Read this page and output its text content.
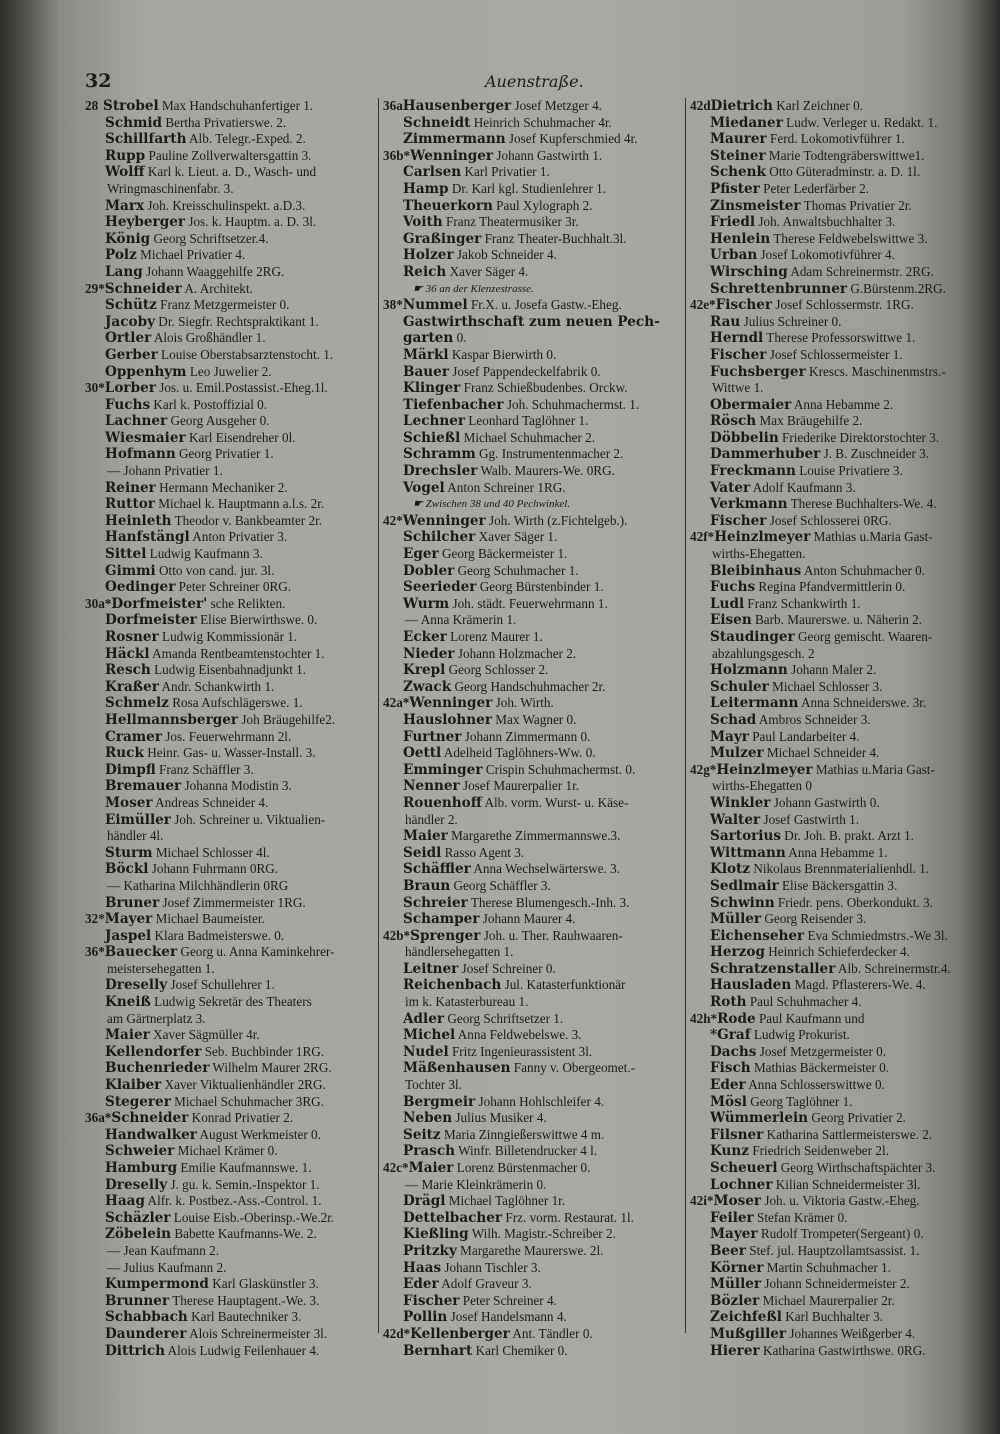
32	Auenstraße.
28 Strobel Max Handschuhanfertiger 1.
Schmid Bertha Privatierswe. 2.
Schillfarth Alb. Telegr.-Exped. 2.
Rupp Pauline Zollverwaltersgattin 3.
Wolff Karl k. Lieut. a. D., Wasch- und
Wringmaschinenfabr. 3.
Marx Joh. Kreisschulinspekt. a.D.3.
Heyberger Jos. k. Hauptm. a. D. 3l.
König Georg Schriftsetzer.4.
Polz Michael Privatier 4.
Lang Johann Waaggehilfe 2RG.
29*Schneider A. Architekt.
Schütz Franz Metzgermeister 0.
Jacoby Dr. Siegfr. Rechtspraktikant 1.
Ortler Alois Großhändler 1.
Gerber Louise Oberstabsarztenstocht. 1.
Oppenhym Leo Juwelier 2.
30*Lorber Jos. u. Emil.Postassist.-Eheg.1l.
Fuchs Karl k. Postoffizial 0.
Lachner Georg Ausgeher 0.
Wiesmaier Karl Eisendreher 0l.
Hofmann Georg Privatier 1.
— Johann Privatier 1.
Reiner Hermann Mechaniker 2.
Ruttor Michael k. Hauptmann a.l.s. 2r.
Heinleth Theodor v. Bankbeamter 2r.
Hanfstängl Anton Privatier 3.
Sittel Ludwig Kaufmann 3.
Gimmi Otto von cand. jur. 3l.
Oedinger Peter Schreiner 0RG.
30a*Dorfmeister' sche Relikten.
Dorfmeister Elise Bierwirthswe. 0.
Rosner Ludwig Kommissionär 1.
Häckl Amanda Rentbeamtenstochter 1.
Resch Ludwig Eisenbahnadjunkt 1.
Kraßer Andr. Schankwirth 1.
Schmelz Rosa Aufschlägerswe. 1.
Hellmannsberger Joh Bräugehilfe2.
Cramer Jos. Feuerwehrmann 2l.
Ruck Heinr. Gas- u. Wasser-Install. 3.
Dimpfl Franz Schäffler 3.
Bremauer Johanna Modistin 3.
Moser Andreas Schneider 4.
Eimüller Joh. Schreiner u. Viktualien-
händler 4l.
Sturm Michael Schlosser 4l.
Böckl Johann Fuhrmann 0RG.
— Katharina Milchhändlerin 0RG
Bruner Josef Zimmermeister 1RG.
32*Mayer Michael Baumeister.
Jaspel Klara Badmeisterswe. 0.
36*Bauecker Georg u. Anna Kaminkehrer-
meistersehegatten 1.
Dreselly Josef Schullehrer 1.
Kneiß Ludwig Sekretär des Theaters
am Gärtnerplatz 3.
Maier Xaver Sägmüller 4r.
Kellendorfer Seb. Buchbinder 1RG.
Buchenrieder Wilhelm Maurer 2RG.
Klaiber Xaver Viktualienhändler 2RG.
Stegerer Michael Schuhmacher 3RG.
36a*Schneider Konrad Privatier 2.
Handwalker August Werkmeister 0.
Schweier Michael Krämer 0.
Hamburg Emilie Kaufmannswe. 1.
Dreselly J. gu. k. Semin.-Inspektor 1.
Haag Alfr. k. Postbez.-Ass.-Control. 1.
Schäzler Louise Eisb.-Oberinsp.-We.2r.
Zöbelein Babette Kaufmanns-We. 2.
— Jean Kaufmann 2.
— Julius Kaufmann 2.
Kumpermond Karl Glaskünstler 3.
Brunner Therese Hauptagent.-We. 3.
Schabbach Karl Bautechniker 3.
Daunderer Alois Schreinermeister 3l.
Dittrich Alois Ludwig Feilenhauer 4.
36aHausenberger Josef Metzger 4.
Schneidt Heinrich Schuhmacher 4r.
Zimmermann Josef Kupferschmied 4r.
36b*Wenninger Johann Gastwirth 1.
Carlsen Karl Privatier 1.
Hamp Dr. Karl kgl. Studienlehrer 1.
Theuerkorn Paul Xylograph 2.
Voith Franz Theatermusiker 3r.
Graßinger Franz Theater-Buchhalt.3l.
Holzer Jakob Schneider 4.
Reich Xaver Säger 4.
☛ 36 an der Klenzestrasse.
38*Nummel Fr.X. u. Josefa Gastw.-Eheg.
Gastwirthschaft zum neuen Pech-
garten 0.
Märkl Kaspar Bierwirth 0.
Bauer Josef Pappendeckelfabrik 0.
Klinger Franz Schießbudenbes. Orckw.
Tiefenbacher Joh. Schuhmachermst. 1.
Lechner Leonhard Taglöhner 1.
Schießl Michael Schuhmacher 2.
Schramm Gg. Instrumentenmacher 2.
Drechsler Walb. Maurers-We. 0RG.
Vogel Anton Schreiner 1RG.
☛ Zwischen 38 und 40 Pechwinkel.
42*Wenninger Joh. Wirth (z.Fichtelgeb.).
Schilcher Xaver Säger 1.
Eger Georg Bäckermeister 1.
Dobler Georg Schuhmacher 1.
Seerieder Georg Bürstenbinder 1.
Wurm Joh. städt. Feuerwehrmann 1.
— Anna Krämerin 1.
Ecker Lorenz Maurer 1.
Nieder Johann Holzmacher 2.
Krepl Georg Schlosser 2.
Zwack Georg Handschuhmacher 2r.
42a*Wenninger Joh. Wirth.
Hauslohner Max Wagner 0.
Furtner Johann Zimmermann 0.
Oettl Adelheid Taglöhners-Ww. 0.
Emminger Crispin Schuhmachermst. 0.
Nenner Josef Maurerpalier 1r.
Rouenhoff Alb. vorm. Wurst- u. Käse-
händler 2.
Maier Margarethe Zimmermannswe.3.
Seidl Rasso Agent 3.
Schäffler Anna Wechselwärterswe. 3.
Braun Georg Schäffler 3.
Schreier Therese Blumengesch.-Inh. 3.
Schamper Johann Maurer 4.
42b*Sprenger Joh. u. Ther. Rauhwaaren-
händlersehegatten 1.
Leitner Josef Schreiner 0.
Reichenbach Jul. Katasterfunktionär
im k. Katasterbureau 1.
Adler Georg Schriftsetzer 1.
Michel Anna Feldwebelswe. 3.
Nudel Fritz Ingenieurassistent 3l.
Mäßenhausen Fanny v. Obergeomet.-
Tochter 3l.
Bergmeir Johann Hohlschleifer 4.
Neben Julius Musiker 4.
Seitz Maria Zinngießerswittwe 4 m.
Prasch Winfr. Billetendrucker 4 l.
42c*Maier Lorenz Bürstenmacher 0.
— Marie Kleinkrämerin 0.
Drägl Michael Taglöhner 1r.
Dettelbacher Frz. vorm. Restaurat. 1l.
Kießling Wilh. Magistr.-Schreiber 2.
Pritzky Margarethe Maurerswe. 2l.
Haas Johann Tischler 3.
Eder Adolf Graveur 3.
Fischer Peter Schreiner 4.
Pollin Josef Handelsmann 4.
42d*Kellenberger Ant. Tändler 0.
Bernhart Karl Chemiker 0.
42dDietrich Karl Zeichner 0.
Miedaner Ludw. Verleger u. Redakt. 1.
Maurer Ferd. Lokomotivführer 1.
Steiner Marie Todtengräberswittwe1.
Schenk Otto Güteradminstr. a. D. 1l.
Pfister Peter Lederfärber 2.
Zinsmeister Thomas Privatier 2r.
Friedl Joh. Anwaltsbuchhalter 3.
Henlein Therese Feldwebelswittwe 3.
Urban Josef Lokomotivführer 4.
Wirsching Adam Schreinermstr. 2RG.
Schrettenbrunner G.Bürstenm.2RG.
42e*Fischer Josef Schlossermstr. 1RG.
Rau Julius Schreiner 0.
Herndl Therese Professorswittwe 1.
Fischer Josef Schlossermeister 1.
Fuchsberger Krescs. Maschinenmstrs.-
Wittwe 1.
Obermaier Anna Hebamme 2.
Rösch Max Bräugehilfe 2.
Döbbelin Friederike Direktorstochter 3.
Dammerhuber J. B. Zuschneider 3.
Freckmann Louise Privatiere 3.
Vater Adolf Kaufmann 3.
Verkmann Therese Buchhalters-We. 4.
Fischer Josef Schlosserei 0RG.
42f*Heinzlmeyer Mathias u.Maria Gast-
wirths-Ehegatten.
Bleibinhaus Anton Schuhmacher 0.
Fuchs Regina Pfandvermittlerin 0.
Ludl Franz Schankwirth 1.
Eisen Barb. Maurerswe. u. Näherin 2.
Staudinger Georg gemischt. Waaren-
abzahlungsgesch. 2
Holzmann Johann Maler 2.
Schuler Michael Schlosser 3.
Leitermann Anna Schneiderswe. 3r.
Schad Ambros Schneider 3.
Mayr Paul Landarbeiter 4.
Mulzer Michael Schneider 4.
42g*Heinzlmeyer Mathias u.Maria Gast-
wirths-Ehegatten 0
Winkler Johann Gastwirth 0.
Walter Josef Gastwirth 1.
Sartorius Dr. Joh. B. prakt. Arzt 1.
Wittmann Anna Hebamme 1.
Klotz Nikolaus Brennmaterialienhdl. 1.
Sedlmair Elise Bäckersgattin 3.
Schwinn Friedr. pens. Oberkondukt. 3.
Müller Georg Reisender 3.
Eichenseher Eva Schmiedmstrs.-We 3l.
Herzog Heinrich Schieferdecker 4.
Schratzenstaller Alb. Schreinermstr.4.
Hausladen Magd. Pflasterers-We. 4.
Roth Paul Schuhmacher 4.
42h*Rode Paul Kaufmann und
*Graf Ludwig Prokurist.
Dachs Josef Metzgermeister 0.
Fisch Mathias Bäckermeister 0.
Eder Anna Schlosserswittwe 0.
Mösl Georg Taglöhner 1.
Wümmerlein Georg Privatier 2.
Filsner Katharina Sattlermeisterswe. 2.
Kunz Friedrich Seidenweber 2l.
Scheuerl Georg Wirthschaftspächter 3.
Lochner Kilian Schneidermeister 3l.
42i*Moser Joh. u. Viktoria Gastw.-Eheg.
Feiler Stefan Krämer 0.
Mayer Rudolf Trompeter(Sergeant) 0.
Beer Stef. jul. Hauptzollamtsassist. 1.
Körner Martin Schuhmacher 1.
Müller Johann Schneidermeister 2.
Bözler Michael Maurerpalier 2r.
Zeichfeßl Karl Buchhalter 3.
Mußgiller Johannes Weißgerber 4.
Hierer Katharina Gastwirthswe. 0RG.
